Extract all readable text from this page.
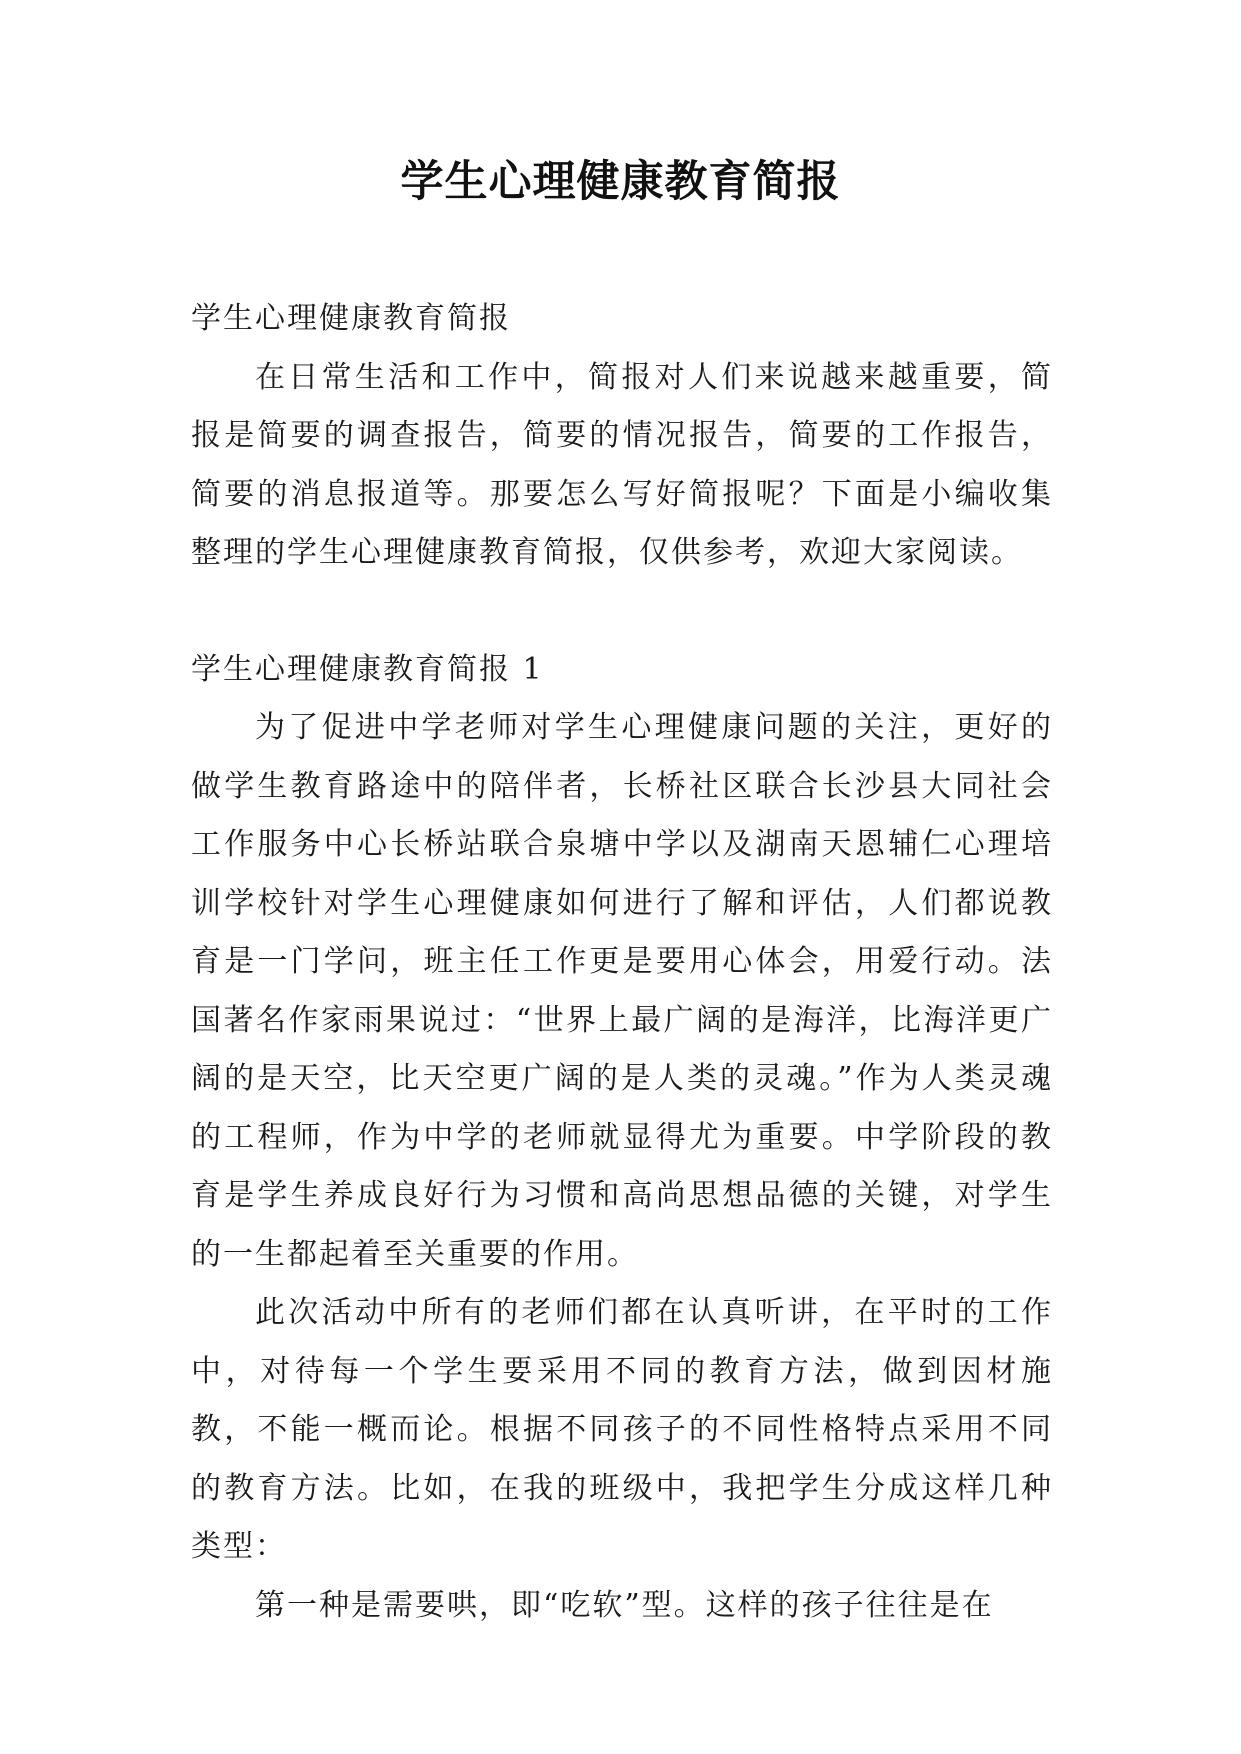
学生心理健康教育简报

学生心理健康教育简报

在日常生活和工作中，简报对人们来说越来越重要，简报是简要的调查报告，简要的情况报告，简要的工作报告，简要的消息报道等。那要怎么写好简报呢？下面是小编收集整理的学生心理健康教育简报，仅供参考，欢迎大家阅读。

学生心理健康教育简报 1

为了促进中学老师对学生心理健康问题的关注，更好的做学生教育路途中的陪伴者，长桥社区联合长沙县大同社会工作服务中心长桥站联合泉塘中学以及湖南天恩辅仁心理培训学校针对学生心理健康如何进行了解和评估，人们都说教育是一门学问，班主任工作更是要用心体会，用爱行动。法国著名作家雨果说过：“世界上最广阔的是海洋，比海洋更广阔的是天空，比天空更广阔的是人类的灵魂。”作为人类灵魂的工程师，作为中学的老师就显得尤为重要。中学阶段的教育是学生养成良好行为习惯和高尚思想品德的关键，对学生的一生都起着至关重要的作用。

此次活动中所有的老师们都在认真听讲，在平时的工作中，对待每一个学生要采用不同的教育方法，做到因材施教，不能一概而论。根据不同孩子的不同性格特点采用不同的教育方法。比如，在我的班级中，我把学生分成这样几种类型：

第一种是需要哄，即“吃软”型。这样的孩子往往是在
